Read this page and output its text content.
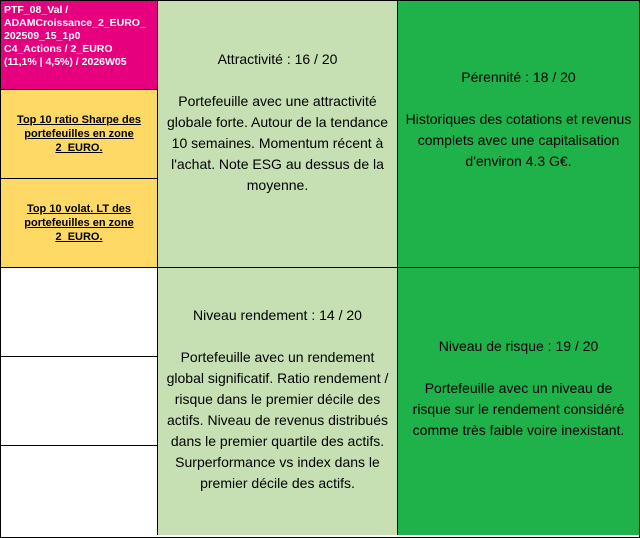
PTF_08_Val /
ADAMCroissance_2_EURO_
202509_15_1p0
C4_Actions / 2_EURO
(11,1% | 4,5%) / 2026W05	Attractivité : 16 / 20

Portefeuille avec une attractivité globale forte. Autour de la tendance 10 semaines. Momentum récent à l'achat. Note ESG au dessus de la moyenne.

Pérennité : 18 / 20

Historiques des cotations et revenus complets avec une capitalisation d'environ 4.3 G€.

Top 10 ratio Sharpe des portefeuilles en zone 2_EURO.
Top 10 volat. LT des portefeuilles en zone 2_EURO.

Niveau rendement : 14 / 20

Portefeuille avec un rendement global significatif. Ratio rendement / risque dans le premier décile des actifs. Niveau de revenus distribués dans le premier quartile des actifs. Surperformance vs index dans le premier décile des actifs.

Niveau de risque : 19 / 20

Portefeuille avec un niveau de risque sur le rendement considéré comme très faible voire inexistant.
